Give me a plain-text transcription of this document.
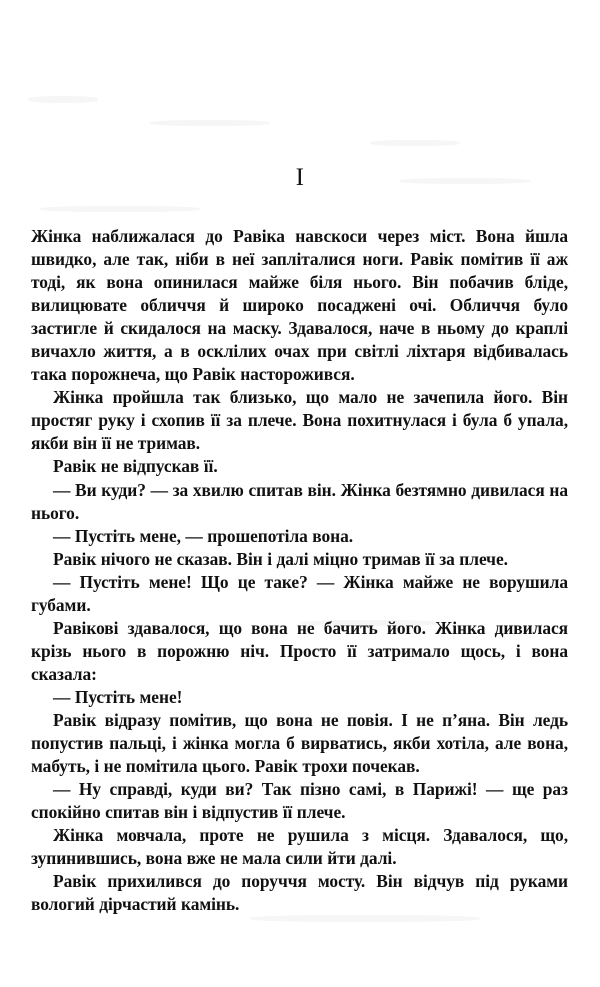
I

Жінка наближалася до Равіка навскоси через міст. Вона йшла швидко, але так, ніби в неї запліталися ноги. Равік помітив її аж тоді, як вона опинилася майже біля нього. Він побачив бліде, вилицювате обличчя й широко посаджені очі. Обличчя було застигле й скидалося на маску. Здавалося, наче в ньому до краплі вичахло життя, а в осклілих очах при світлі ліхтаря відбивалась така порожнеча, що Равік насторожився.

Жінка пройшла так близько, що мало не зачепила його. Він простяг руку і схопив її за плече. Вона похитнулася і була б упала, якби він її не тримав.

Равік не відпускав її.

— Ви куди? — за хвилю спитав він. Жінка безтямно дивилася на нього.

— Пустіть мене, — прошепотіла вона.

Равік нічого не сказав. Він і далі міцно тримав її за плече.

— Пустіть мене! Що це таке? — Жінка майже не ворушила губами.

Равікові здавалося, що вона не бачить його. Жінка дивилася крізь нього в порожню ніч. Просто її затримало щось, і вона сказала:

— Пустіть мене!

Равік відразу помітив, що вона не повія. І не п’яна. Він ледь попустив пальці, і жінка могла б вирватись, якби хотіла, але вона, мабуть, і не помітила цього. Равік трохи почекав.

— Ну справді, куди ви? Так пізно самі, в Парижі! — ще раз спокійно спитав він і відпустив її плече.

Жінка мовчала, проте не рушила з місця. Здавалося, що, зупинившись, вона вже не мала сили йти далі.

Равік прихилився до поруччя мосту. Він відчув під руками вологий дірчастий камінь.
